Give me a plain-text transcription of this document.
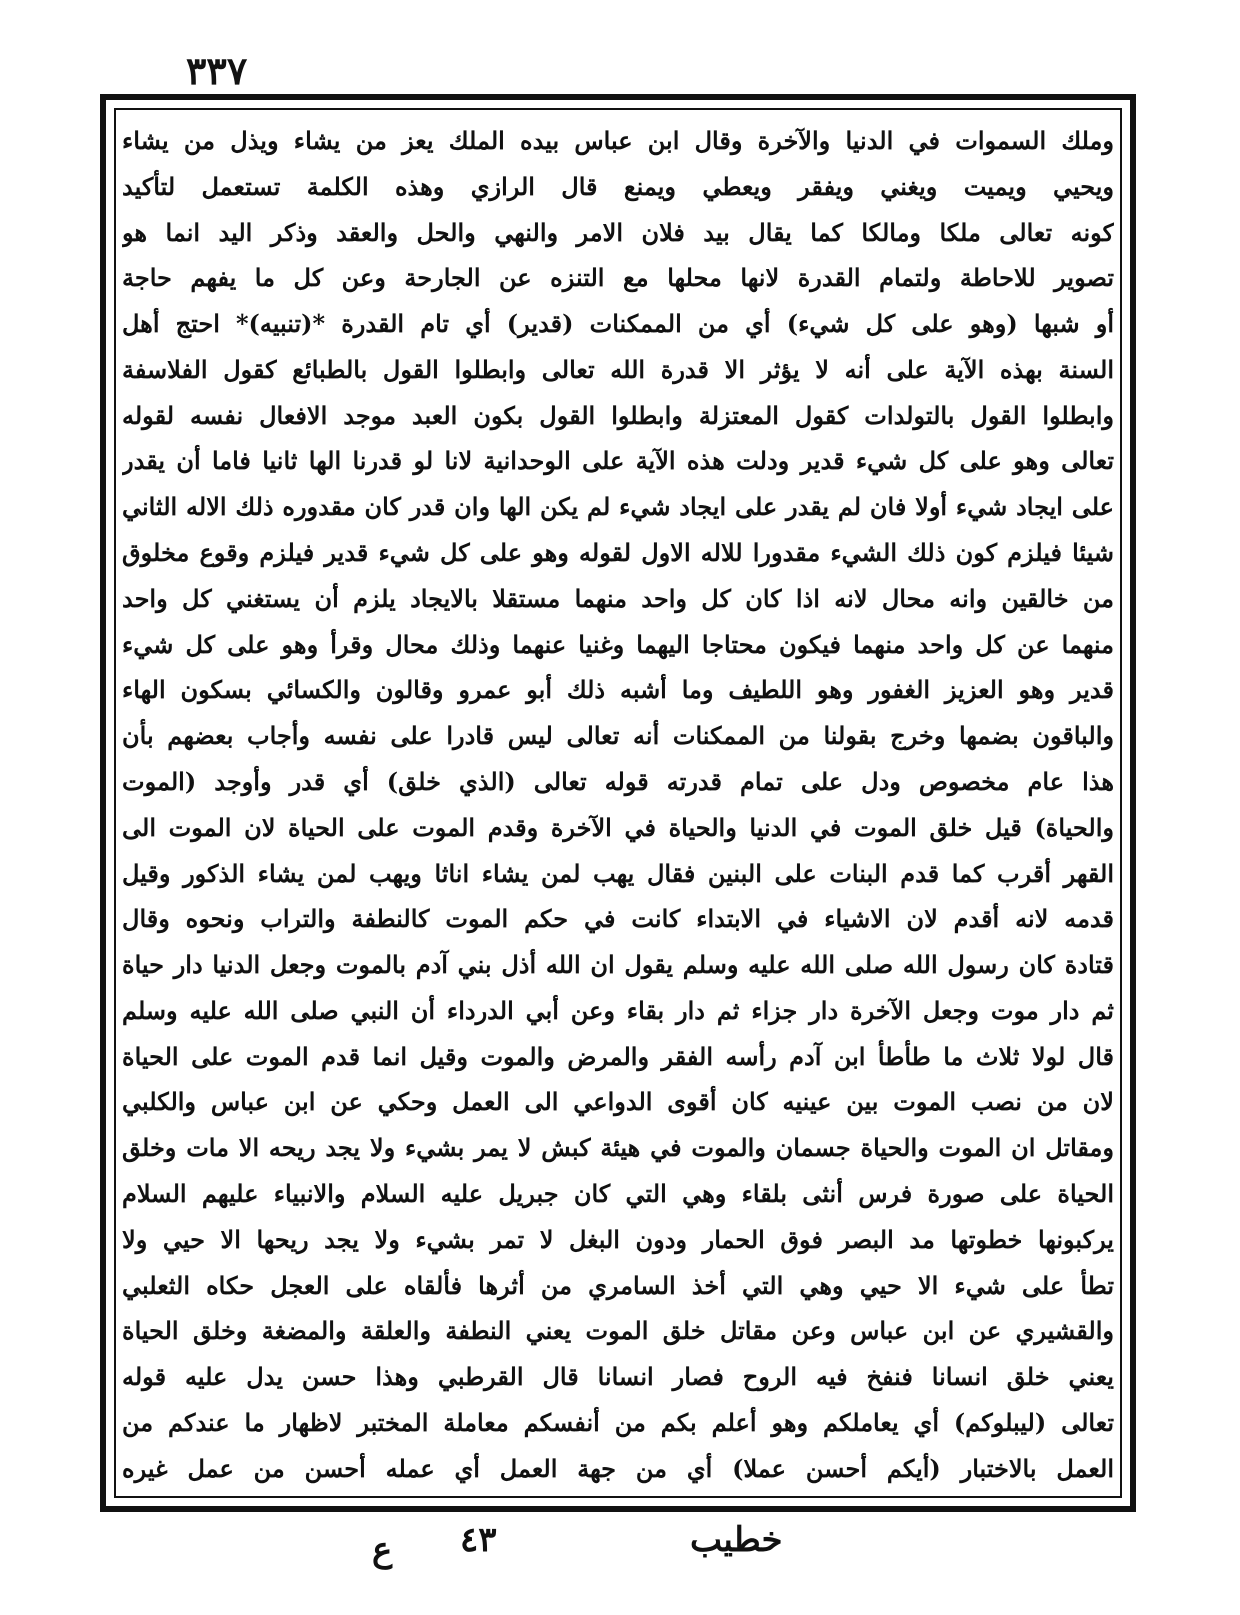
٣٣٧
وملك السموات في الدنيا والآخرة وقال ابن عباس بيده الملك يعز من يشاء ويذل من يشاء
ويحيي ويميت ويغني ويفقر ويعطي ويمنع قال الرازي وهذه الكلمة تستعمل لتأكيد
كونه تعالى ملكا ومالكا كما يقال بيد فلان الامر والنهي والحل والعقد وذكر اليد انما هو
تصوير للاحاطة ولتمام القدرة لانها محلها مع التنزه عن الجارحة وعن كل ما يفهم حاجة
أو شبها (وهو على كل شيء) أي من الممكنات (قدير) أي تام القدرة *(تنبيه)* احتج أهل
السنة بهذه الآية على أنه لا يؤثر الا قدرة الله تعالى وابطلوا القول بالطبائع كقول الفلاسفة
وابطلوا القول بالتولدات كقول المعتزلة وابطلوا القول بكون العبد موجد الافعال نفسه لقوله
تعالى وهو على كل شيء قدير ودلت هذه الآية على الوحدانية لانا لو قدرنا الها ثانيا فاما أن يقدر
على ايجاد شيء أولا فان لم يقدر على ايجاد شيء لم يكن الها وان قدر كان مقدوره ذلك الاله الثاني
شيئا فيلزم كون ذلك الشيء مقدورا للاله الاول لقوله وهو على كل شيء قدير فيلزم وقوع مخلوق
من خالقين وانه محال لانه اذا كان كل واحد منهما مستقلا بالايجاد يلزم أن يستغني كل واحد
منهما عن كل واحد منهما فيكون محتاجا اليهما وغنيا عنهما وذلك محال وقرأ وهو على كل شيء
قدير وهو العزيز الغفور وهو اللطيف وما أشبه ذلك أبو عمرو وقالون والكسائي بسكون الهاء
والباقون بضمها وخرج بقولنا من الممكنات أنه تعالى ليس قادرا على نفسه وأجاب بعضهم بأن
هذا عام مخصوص ودل على تمام قدرته قوله تعالى (الذي خلق) أي قدر وأوجد (الموت
والحياة) قيل خلق الموت في الدنيا والحياة في الآخرة وقدم الموت على الحياة لان الموت الى
القهر أقرب كما قدم البنات على البنين فقال يهب لمن يشاء اناثا ويهب لمن يشاء الذكور وقيل
قدمه لانه أقدم لان الاشياء في الابتداء كانت في حكم الموت كالنطفة والتراب ونحوه وقال
قتادة كان رسول الله صلى الله عليه وسلم يقول ان الله أذل بني آدم بالموت وجعل الدنيا دار حياة
ثم دار موت وجعل الآخرة دار جزاء ثم دار بقاء وعن أبي الدرداء أن النبي صلى الله عليه وسلم
قال لولا ثلاث ما طأطأ ابن آدم رأسه الفقر والمرض والموت وقيل انما قدم الموت على الحياة
لان من نصب الموت بين عينيه كان أقوى الدواعي الى العمل وحكي عن ابن عباس والكلبي
ومقاتل ان الموت والحياة جسمان والموت في هيئة كبش لا يمر بشيء ولا يجد ريحه الا مات وخلق
الحياة على صورة فرس أنثى بلقاء وهي التي كان جبريل عليه السلام والانبياء عليهم السلام
يركبونها خطوتها مد البصر فوق الحمار ودون البغل لا تمر بشيء ولا يجد ريحها الا حيي ولا
تطأ على شيء الا حيي وهي التي أخذ السامري من أثرها فألقاه على العجل حكاه الثعلبي
والقشيري عن ابن عباس وعن مقاتل خلق الموت يعني النطفة والعلقة والمضغة وخلق الحياة
يعني خلق انسانا فنفخ فيه الروح فصار انسانا قال القرطبي وهذا حسن يدل عليه قوله
تعالى (ليبلوكم) أي يعاملكم وهو أعلم بكم من أنفسكم معاملة المختبر لاظهار ما عندكم من
العمل بالاختبار (أيكم أحسن عملا) أي من جهة العمل أي عمله أحسن من عمل غيره
خطيب
٤٣
ع
